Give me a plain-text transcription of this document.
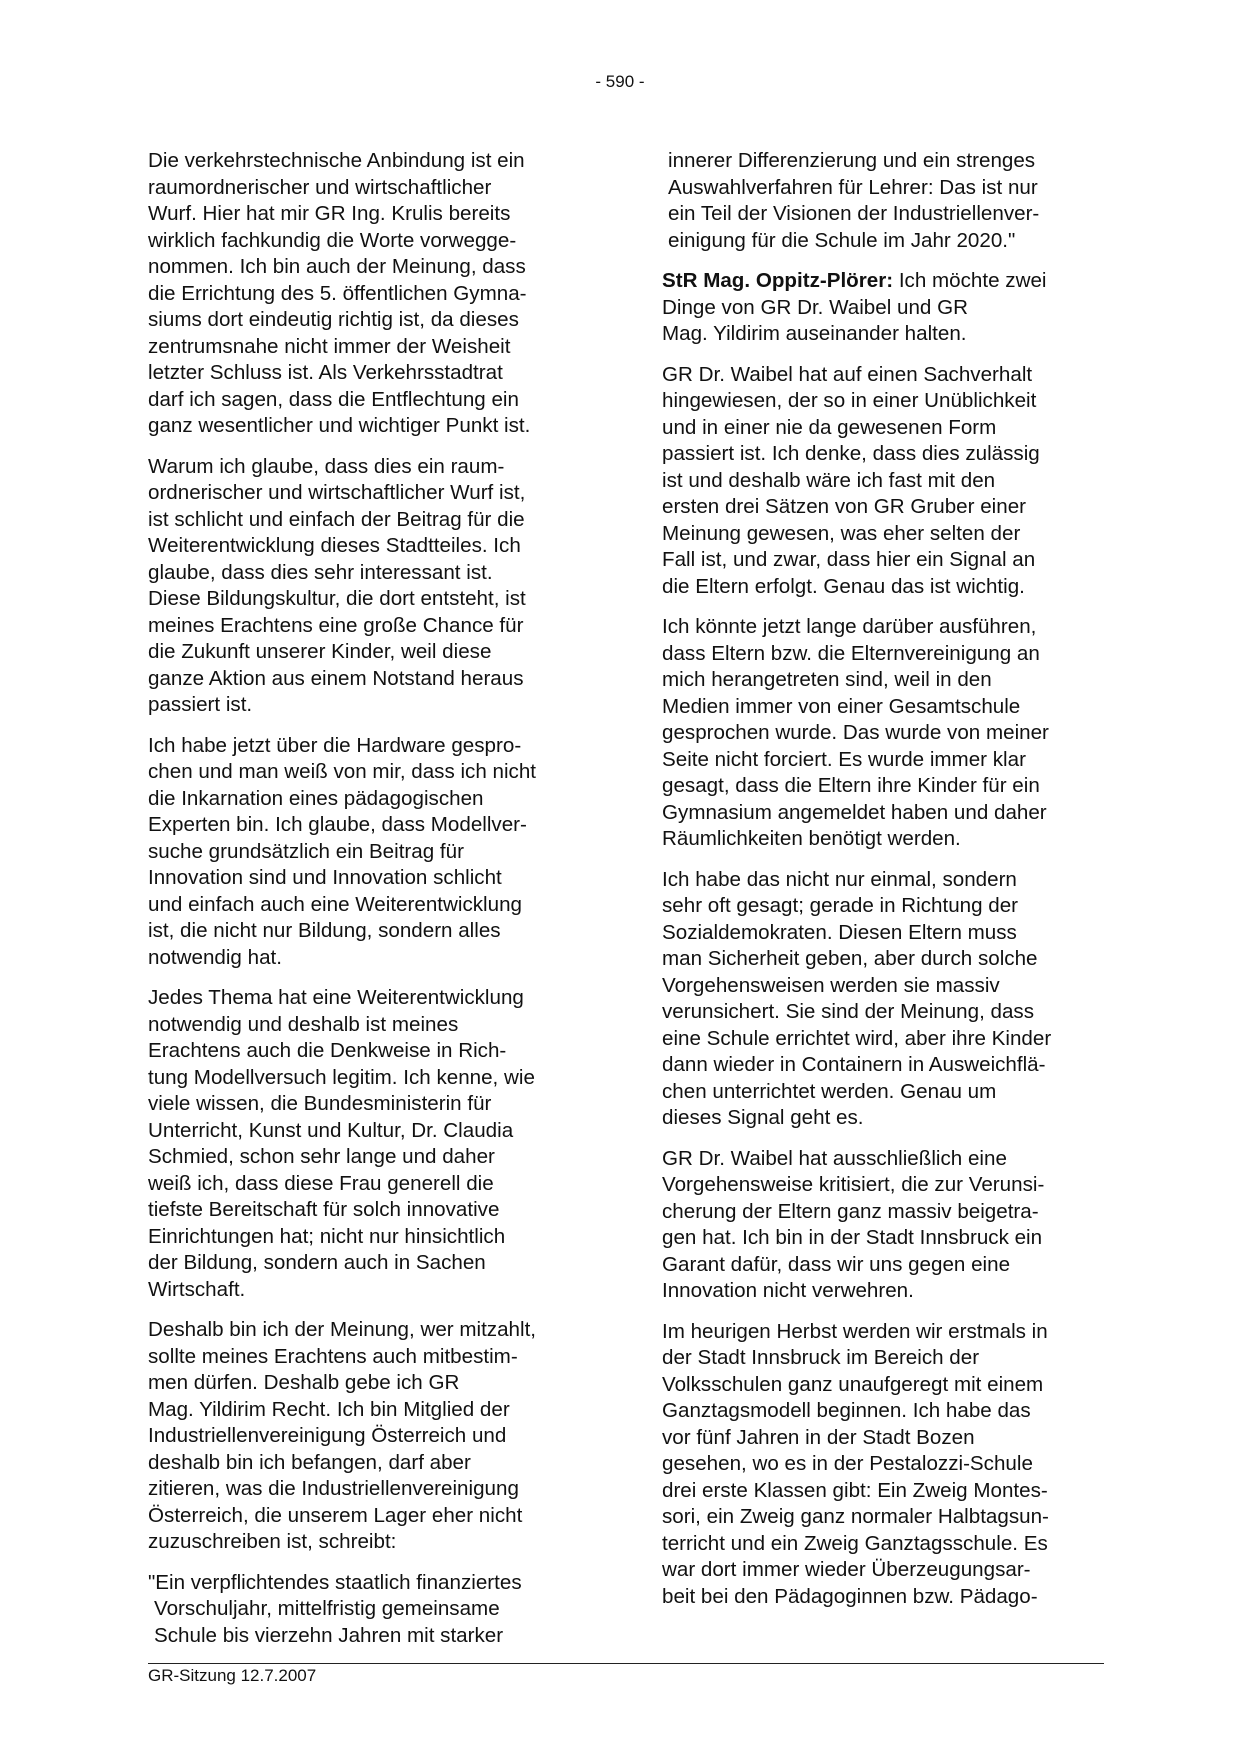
- 590 -

Die verkehrstechnische Anbindung ist ein
raumordnerischer und wirtschaftlicher
Wurf. Hier hat mir GR Ing. Krulis bereits
wirklich fachkundig die Worte vorwegge-
nommen. Ich bin auch der Meinung, dass
die Errichtung des 5. öffentlichen Gymna-
siums dort eindeutig richtig ist, da dieses
zentrumsnahe nicht immer der Weisheit
letzter Schluss ist. Als Verkehrsstadtrat
darf ich sagen, dass die Entflechtung ein
ganz wesentlicher und wichtiger Punkt ist.

Warum ich glaube, dass dies ein raum-
ordnerischer und wirtschaftlicher Wurf ist,
ist schlicht und einfach der Beitrag für die
Weiterentwicklung dieses Stadtteiles. Ich
glaube, dass dies sehr interessant ist.
Diese Bildungskultur, die dort entsteht, ist
meines Erachtens eine große Chance für
die Zukunft unserer Kinder, weil diese
ganze Aktion aus einem Notstand heraus
passiert ist.

Ich habe jetzt über die Hardware gespro-
chen und man weiß von mir, dass ich nicht
die Inkarnation eines pädagogischen
Experten bin. Ich glaube, dass Modellver-
suche grundsätzlich ein Beitrag für
Innovation sind und Innovation schlicht
und einfach auch eine Weiterentwicklung
ist, die nicht nur Bildung, sondern alles
notwendig hat.

Jedes Thema hat eine Weiterentwicklung
notwendig und deshalb ist meines
Erachtens auch die Denkweise in Rich-
tung Modellversuch legitim. Ich kenne, wie
viele wissen, die Bundesministerin für
Unterricht, Kunst und Kultur, Dr. Claudia
Schmied, schon sehr lange und daher
weiß ich, dass diese Frau generell die
tiefste Bereitschaft für solch innovative
Einrichtungen hat; nicht nur hinsichtlich
der Bildung, sondern auch in Sachen
Wirtschaft.

Deshalb bin ich der Meinung, wer mitzahlt,
sollte meines Erachtens auch mitbestim-
men dürfen. Deshalb gebe ich GR
Mag. Yildirim Recht. Ich bin Mitglied der
Industriellenvereinigung Österreich und
deshalb bin ich befangen, darf aber
zitieren, was die Industriellenvereinigung
Österreich, die unserem Lager eher nicht
zuzuschreiben ist, schreibt:

"Ein verpflichtendes staatlich finanziertes
Vorschuljahr, mittelfristig gemeinsame
Schule bis vierzehn Jahren mit starker

innerer Differenzierung und ein strenges
Auswahlverfahren für Lehrer: Das ist nur
ein Teil der Visionen der Industriellenver-
einigung für die Schule im Jahr 2020."

StR Mag. Oppitz-Plörer: Ich möchte zwei
Dinge von GR Dr. Waibel und GR
Mag. Yildirim auseinander halten.

GR Dr. Waibel hat auf einen Sachverhalt
hingewiesen, der so in einer Unüblichkeit
und in einer nie da gewesenen Form
passiert ist. Ich denke, dass dies zulässig
ist und deshalb wäre ich fast mit den
ersten drei Sätzen von GR Gruber einer
Meinung gewesen, was eher selten der
Fall ist, und zwar, dass hier ein Signal an
die Eltern erfolgt. Genau das ist wichtig.

Ich könnte jetzt lange darüber ausführen,
dass Eltern bzw. die Elternvereinigung an
mich herangetreten sind, weil in den
Medien immer von einer Gesamtschule
gesprochen wurde. Das wurde von meiner
Seite nicht forciert. Es wurde immer klar
gesagt, dass die Eltern ihre Kinder für ein
Gymnasium angemeldet haben und daher
Räumlichkeiten benötigt werden.

Ich habe das nicht nur einmal, sondern
sehr oft gesagt; gerade in Richtung der
Sozialdemokraten. Diesen Eltern muss
man Sicherheit geben, aber durch solche
Vorgehensweisen werden sie massiv
verunsichert. Sie sind der Meinung, dass
eine Schule errichtet wird, aber ihre Kinder
dann wieder in Containern in Ausweichflä-
chen unterrichtet werden. Genau um
dieses Signal geht es.

GR Dr. Waibel hat ausschließlich eine
Vorgehensweise kritisiert, die zur Verunsi-
cherung der Eltern ganz massiv beigetra-
gen hat. Ich bin in der Stadt Innsbruck ein
Garant dafür, dass wir uns gegen eine
Innovation nicht verwehren.

Im heurigen Herbst werden wir erstmals in
der Stadt Innsbruck im Bereich der
Volksschulen ganz unaufgeregt mit einem
Ganztagsmodell beginnen. Ich habe das
vor fünf Jahren in der Stadt Bozen
gesehen, wo es in der Pestalozzi-Schule
drei erste Klassen gibt: Ein Zweig Montes-
sori, ein Zweig ganz normaler Halbtagsun-
terricht und ein Zweig Ganztagsschule. Es
war dort immer wieder Überzeugungsar-
beit bei den Pädagoginnen bzw. Pädago-

GR-Sitzung 12.7.2007
